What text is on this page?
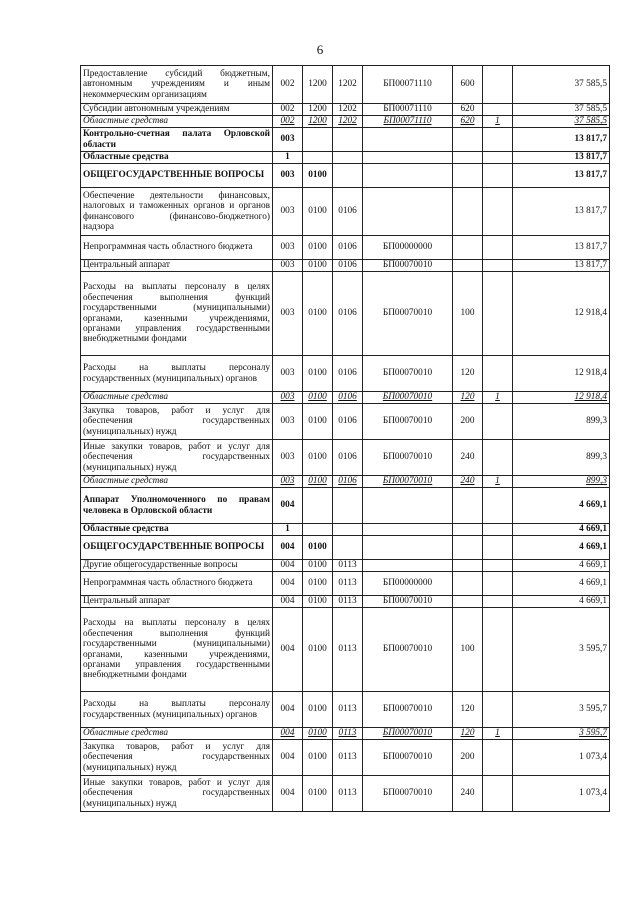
6
Предоставление субсидий бюджетным, автономным учреждениям и иным некоммерческим организациям	002	1200	1202	БП00071110	600		37 585,5
Субсидии автономным учреждениям	002	1200	1202	БП00071110	620		37 585,5
Областные средства	002	1200	1202	БП00071110	620	1	37 585,5
Контрольно-счетная палата Орловской области	003						13 817,7
Областные средства	1						13 817,7
ОБЩЕГОСУДАРСТВЕННЫЕ ВОПРОСЫ	003	0100					13 817,7
Обеспечение деятельности финансовых, налоговых и таможенных органов и органов финансового (финансово-бюджетного) надзора	003	0100	0106				13 817,7
Непрограммная часть областного бюджета	003	0100	0106	БП00000000			13 817,7
Центральный аппарат	003	0100	0106	БП00070010			13 817,7
Расходы на выплаты персоналу в целях обеспечения выполнения функций государственными (муниципальными) органами, казенными учреждениями, органами управления государственными внебюджетными фондами	003	0100	0106	БП00070010	100		12 918,4
Расходы на выплаты персоналу государственных (муниципальных) органов	003	0100	0106	БП00070010	120		12 918,4
Областные средства	003	0100	0106	БП00070010	120	1	12 918,4
Закупка товаров, работ и услуг для обеспечения государственных (муниципальных) нужд	003	0100	0106	БП00070010	200		899,3
Иные закупки товаров, работ и услуг для обеспечения государственных (муниципальных) нужд	003	0100	0106	БП00070010	240		899,3
Областные средства	003	0100	0106	БП00070010	240	1	899,3
Аппарат Уполномоченного по правам человека в Орловской области	004						4 669,1
Областные средства	1						4 669,1
ОБЩЕГОСУДАРСТВЕННЫЕ ВОПРОСЫ	004	0100					4 669,1
Другие общегосударственные вопросы	004	0100	0113				4 669,1
Непрограммная часть областного бюджета	004	0100	0113	БП00000000			4 669,1
Центральный аппарат	004	0100	0113	БП00070010			4 669,1
Расходы на выплаты персоналу в целях обеспечения выполнения функций государственными (муниципальными) органами, казенными учреждениями, органами управления государственными внебюджетными фондами	004	0100	0113	БП00070010	100		3 595,7
Расходы на выплаты персоналу государственных (муниципальных) органов	004	0100	0113	БП00070010	120		3 595,7
Областные средства	004	0100	0113	БП00070010	120	1	3 595,7
Закупка товаров, работ и услуг для обеспечения государственных (муниципальных) нужд	004	0100	0113	БП00070010	200		1 073,4
Иные закупки товаров, работ и услуг для обеспечения государственных (муниципальных) нужд	004	0100	0113	БП00070010	240		1 073,4
